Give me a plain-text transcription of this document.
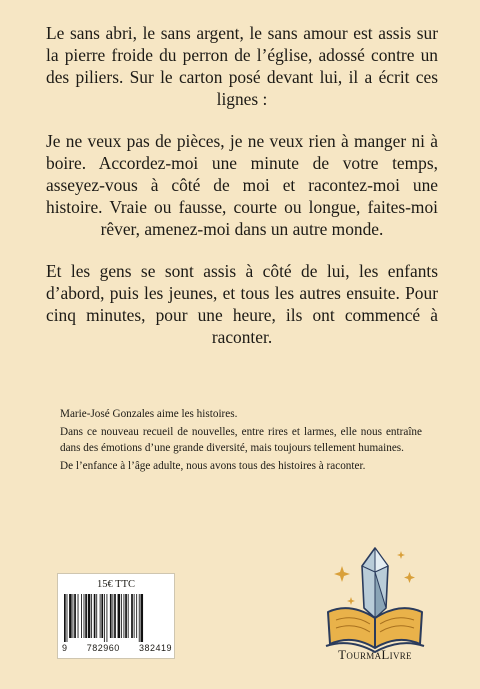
Le sans abri, le sans argent, le sans amour est assis sur la pierre froide du perron de l’église, adossé contre un des piliers. Sur le carton posé devant lui, il a écrit ces lignes :

Je ne veux pas de pièces, je ne veux rien à manger ni à boire. Accordez-moi une minute de votre temps, asseyez-vous à côté de moi et racontez-moi une histoire. Vraie ou fausse, courte ou longue, faites-moi rêver, amenez-moi dans un autre monde.

Et les gens se sont assis à côté de lui, les enfants d’abord, puis les jeunes, et tous les autres ensuite. Pour cinq minutes, pour une heure, ils ont commencé à raconter.

Marie-José Gonzales aime les histoires.

Dans ce nouveau recueil de nouvelles, entre rires et larmes, elle nous entraîne dans des émotions d’une grande diversité, mais toujours tellement humaines.

De l’enfance à l’âge adulte, nous avons tous des histoires à raconter.

15€ TTC
9 782960 382419	TourmaLivre
